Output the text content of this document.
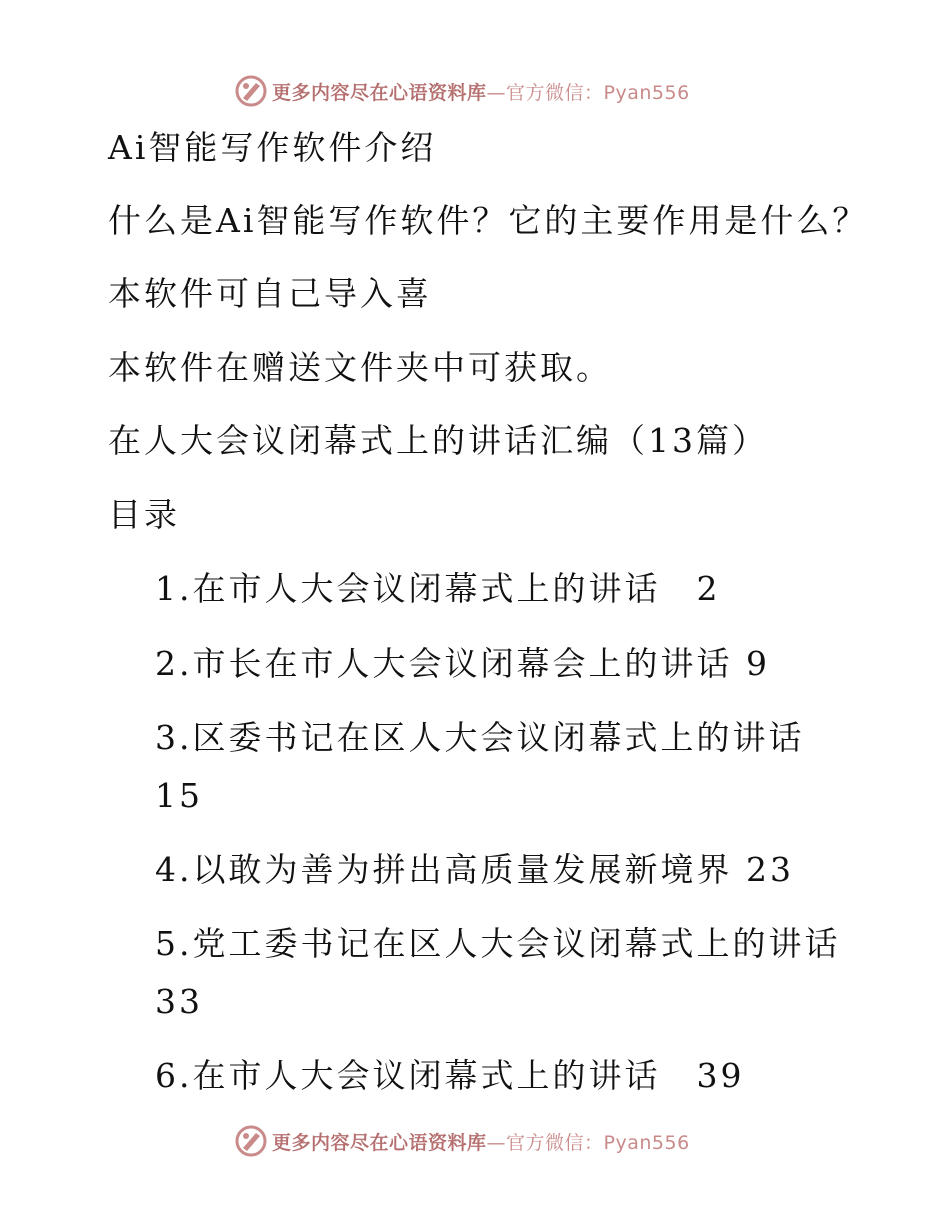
更多内容尽在心语资料库—官方微信：Pyan556
Ai智能写作软件介绍
什么是Ai智能写作软件？它的主要作用是什么？
本软件可自己导入喜
本软件在赠送文件夹中可获取。
在人大会议闭幕式上的讲话汇编（13篇）
目录
1.在市人大会议闭幕式上的讲话　2
2.市长在市人大会议闭幕会上的讲话 9
3.区委书记在区人大会议闭幕式上的讲话
15
4.以敢为善为拼出高质量发展新境界 23
5.党工委书记在区人大会议闭幕式上的讲话
33
6.在市人大会议闭幕式上的讲话　39
更多内容尽在心语资料库—官方微信：Pyan556
